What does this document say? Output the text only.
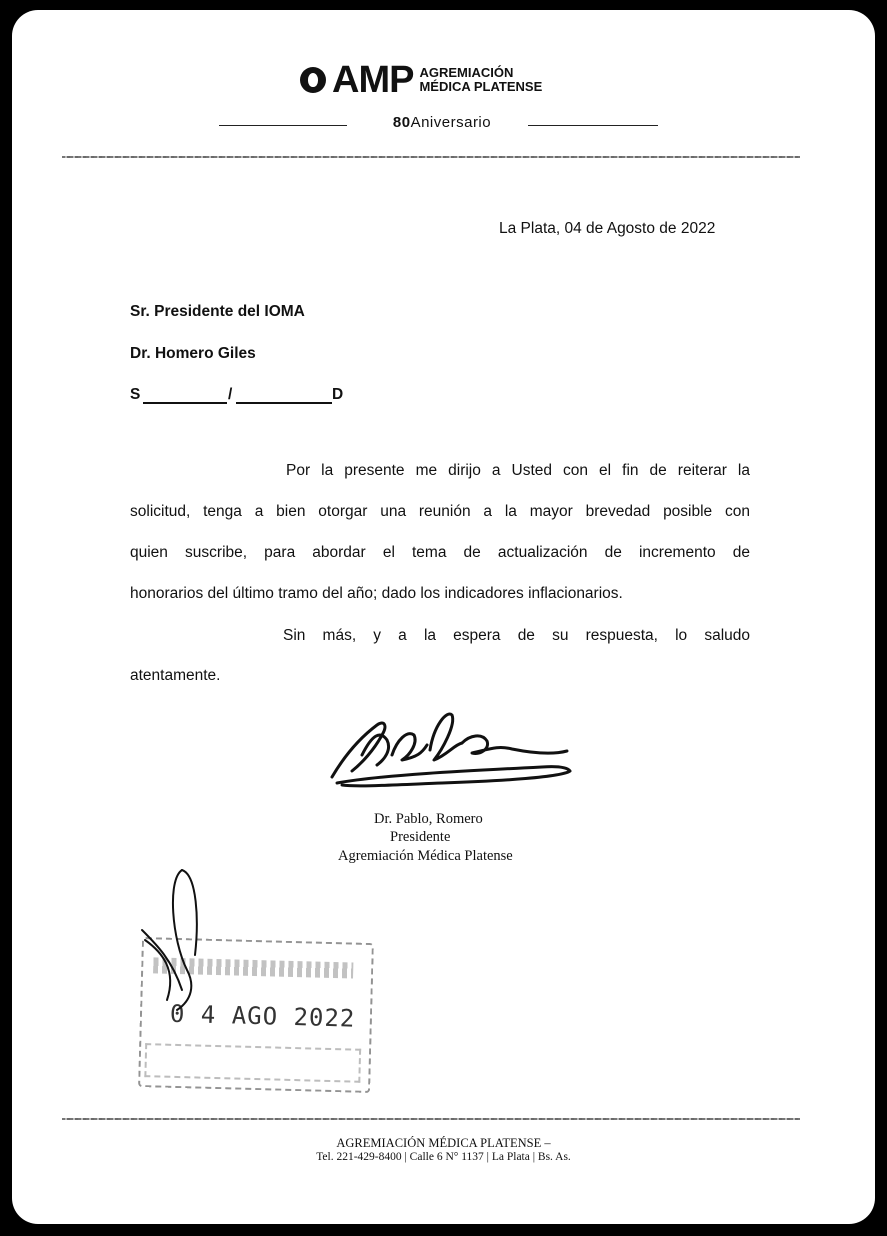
AMP AGREMIACIÓN
MÉDICA PLATENSE
80Aniversario
La Plata, 04 de Agosto de 2022
Sr. Presidente del IOMA
Dr. Homero Giles
S	/	D
Por la presente me dirijo a Usted con el fin de reiterar la
solicitud, tenga a bien otorgar una reunión a la mayor brevedad posible con
quien suscribe, para abordar el tema de actualización de incremento de
honorarios del último tramo del año; dado los indicadores inflacionarios.
Sin más, y a la espera de su respuesta, lo saludo
atentamente.
Dr. Pablo, Romero
Presidente
Agremiación Médica Platense
0 4 AGO 2022
AGREMIACIÓN MÉDICA PLATENSE –
Tel. 221-429-8400 | Calle 6 N° 1137 | La Plata | Bs. As.
